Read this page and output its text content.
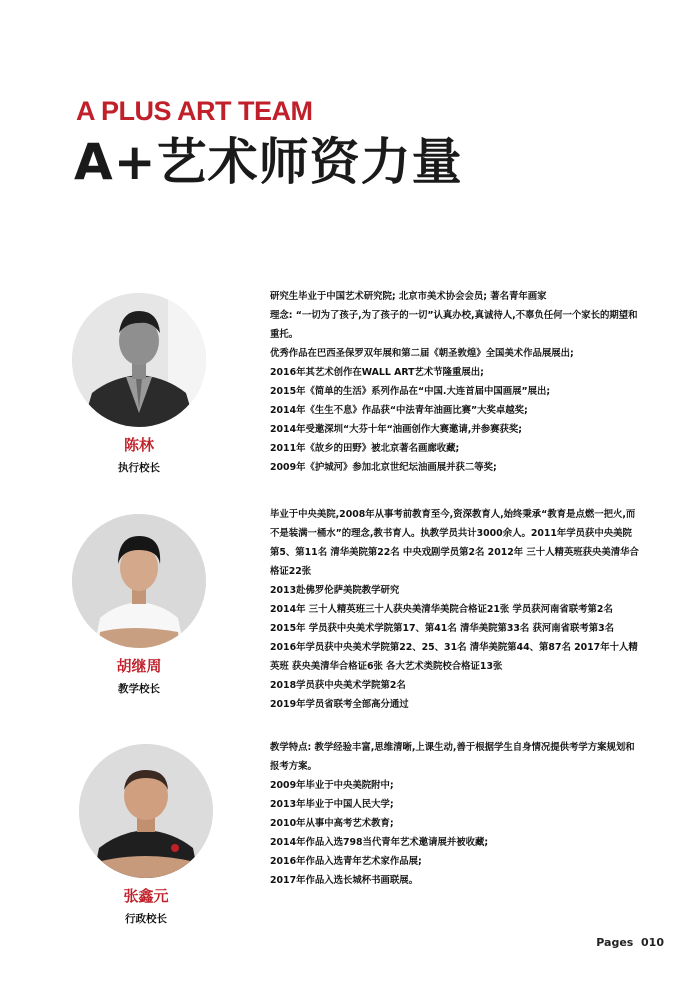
A PLUS ART TEAM
A+艺术师资力量

陈林

执行校长

研究生毕业于中国艺术研究院; 北京市美术协会会员; 著名青年画家

理念: “一切为了孩子,为了孩子的一切”认真办校,真诚待人,不辜负任何一个家长的期望和重托。

优秀作品在巴西圣保罗双年展和第二届《朝圣敦煌》全国美术作品展展出;

2016年其艺术创作在WALL ART艺术节隆重展出;

2015年《简单的生活》系列作品在“中国.大连首届中国画展”展出;

2014年《生生不息》作品获“中法青年油画比赛”大奖卓越奖;

2014年受邀深圳“大芬十年“油画创作大赛邀请,并参赛获奖;

2011年《故乡的田野》被北京著名画廊收藏;

2009年《护城河》参加北京世纪坛油画展并获二等奖;

胡继周

教学校长

毕业于中央美院,2008年从事考前教育至今,资深教育人,始终秉承“教育是点燃一把火,而不是装满一桶水”的理念,教书育人。执教学员共计3000余人。2011年学员获中央美院第5、第11名 清华美院第22名 中央戏剧学员第2名 2012年 三十人精英班获央美清华合格证22张

2013赴佛罗伦萨美院教学研究

2014年 三十人精英班三十人获央美清华美院合格证21张 学员获河南省联考第2名 2015年 学员获中央美术学院第17、第41名 清华美院第33名 获河南省联考第3名 2016年学员获中央美术学院第22、25、31名 清华美院第44、第87名 2017年十人精英班 获央美清华合格证6张 各大艺术类院校合格证13张

2018学员获中央美术学院第2名

2019年学员省联考全部高分通过

张鑫元

行政校长

教学特点: 教学经验丰富,思维清晰,上课生动,善于根据学生自身情况提供考学方案规划和报考方案。

2009年毕业于中央美院附中;

2013年毕业于中国人民大学;

2010年从事中高考艺术教育;

2014年作品入选798当代青年艺术邀请展并被收藏;

2016年作品入选青年艺术家作品展;

2017年作品入选长城杯书画联展。

Pages 010
